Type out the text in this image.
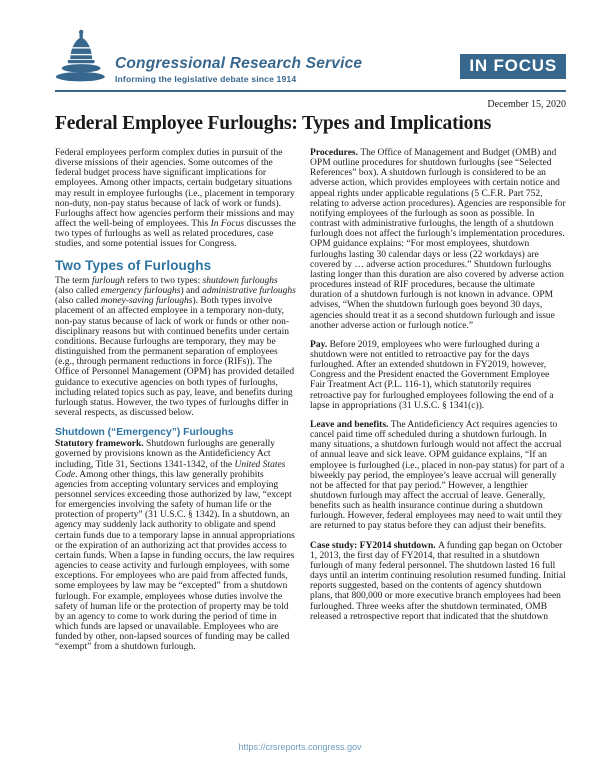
Congressional Research Service
Informing the legislative debate since 1914
IN FOCUS
December 15, 2020
Federal Employee Furloughs: Types and Implications

Federal employees perform complex duties in pursuit of the diverse missions of their agencies. Some outcomes of the federal budget process have significant implications for employees. Among other impacts, certain budgetary situations may result in employee furloughs (i.e., placement in temporary non-duty, non-pay status because of lack of work or funds). Furloughs affect how agencies perform their missions and may affect the well-being of employees. This In Focus discusses the two types of furloughs as well as related procedures, case studies, and some potential issues for Congress.

Two Types of Furloughs

The term furlough refers to two types: shutdown furloughs (also called emergency furloughs) and administrative furloughs (also called money-saving furloughs). Both types involve placement of an affected employee in a temporary non-duty, non-pay status because of lack of work or funds or other non-disciplinary reasons but with continued benefits under certain conditions. Because furloughs are temporary, they may be distinguished from the permanent separation of employees (e.g., through permanent reductions in force (RIFs)). The Office of Personnel Management (OPM) has provided detailed guidance to executive agencies on both types of furloughs, including related topics such as pay, leave, and benefits during furlough status. However, the two types of furloughs differ in several respects, as discussed below.

Shutdown (“Emergency”) Furloughs

Statutory framework. Shutdown furloughs are generally governed by provisions known as the Antideficiency Act including, Title 31, Sections 1341-1342, of the United States Code. Among other things, this law generally prohibits agencies from accepting voluntary services and employing personnel services exceeding those authorized by law, “except for emergencies involving the safety of human life or the protection of property” (31 U.S.C. § 1342). In a shutdown, an agency may suddenly lack authority to obligate and spend certain funds due to a temporary lapse in annual appropriations or the expiration of an authorizing act that provides access to certain funds. When a lapse in funding occurs, the law requires agencies to cease activity and furlough employees, with some exceptions. For employees who are paid from affected funds, some employees by law may be “excepted” from a shutdown furlough. For example, employees whose duties involve the safety of human life or the protection of property may be told by an agency to come to work during the period of time in which funds are lapsed or unavailable. Employees who are funded by other, non-lapsed sources of funding may be called “exempt” from a shutdown furlough.

Procedures. The Office of Management and Budget (OMB) and OPM outline procedures for shutdown furloughs (see “Selected References” box). A shutdown furlough is considered to be an adverse action, which provides employees with certain notice and appeal rights under applicable regulations (5 C.F.R. Part 752, relating to adverse action procedures). Agencies are responsible for notifying employees of the furlough as soon as possible. In contrast with administrative furloughs, the length of a shutdown furlough does not affect the furlough’s implementation procedures. OPM guidance explains: “For most employees, shutdown furloughs lasting 30 calendar days or less (22 workdays) are covered by … adverse action procedures.” Shutdown furloughs lasting longer than this duration are also covered by adverse action procedures instead of RIF procedures, because the ultimate duration of a shutdown furlough is not known in advance. OPM advises, “When the shutdown furlough goes beyond 30 days, agencies should treat it as a second shutdown furlough and issue another adverse action or furlough notice.”

Pay. Before 2019, employees who were furloughed during a shutdown were not entitled to retroactive pay for the days furloughed. After an extended shutdown in FY2019, however, Congress and the President enacted the Government Employee Fair Treatment Act (P.L. 116-1), which statutorily requires retroactive pay for furloughed employees following the end of a lapse in appropriations (31 U.S.C. § 1341(c)).

Leave and benefits. The Antideficiency Act requires agencies to cancel paid time off scheduled during a shutdown furlough. In many situations, a shutdown furlough would not affect the accrual of annual leave and sick leave. OPM guidance explains, “If an employee is furloughed (i.e., placed in non-pay status) for part of a biweekly pay period, the employee’s leave accrual will generally not be affected for that pay period.” However, a lengthier shutdown furlough may affect the accrual of leave. Generally, benefits such as health insurance continue during a shutdown furlough. However, federal employees may need to wait until they are returned to pay status before they can adjust their benefits.

Case study: FY2014 shutdown. A funding gap began on October 1, 2013, the first day of FY2014, that resulted in a shutdown furlough of many federal personnel. The shutdown lasted 16 full days until an interim continuing resolution resumed funding. Initial reports suggested, based on the contents of agency shutdown plans, that 800,000 or more executive branch employees had been furloughed. Three weeks after the shutdown terminated, OMB released a retrospective report that indicated that the shutdown

https://crsreports.congress.gov
